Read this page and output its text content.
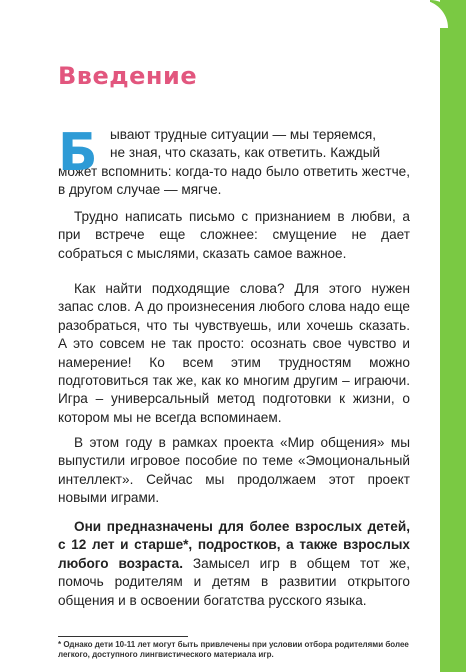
Введение
Б ывают трудные ситуации — мы теряемся,
не зная, что сказать, как ответить. Каждый
может вспомнить: когда-то надо было ответить жестче, в другом случае — мягче.

Трудно написать письмо с признанием в любви, а при встрече еще сложнее: смущение не дает собраться с мыслями, сказать самое важное.

Как найти подходящие слова? Для этого нужен запас слов. А до произнесения любого слова надо еще разобраться, что ты чувствуешь, или хочешь сказать. А это совсем не так просто: осознать свое чувство и намерение! Ко всем этим трудностям можно подготовиться так же, как ко многим другим – играючи. Игра – универсальный метод подготовки к жизни, о котором мы не всегда вспоминаем.

В этом году в рамках проекта «Мир общения» мы выпустили игровое пособие по теме «Эмоциональный интеллект». Сейчас мы продолжаем этот проект новыми играми.

Они предназначены для более взрослых детей, с 12 лет и старше*, подростков, а также взрослых любого возраста. Замысел игр в общем тот же, помочь родителям и детям в развитии открытого общения и в освоении богатства русского языка.

* Однако дети 10-11 лет могут быть привлечены при условии отбора родителями более легкого, доступного лингвистического материала игр.
